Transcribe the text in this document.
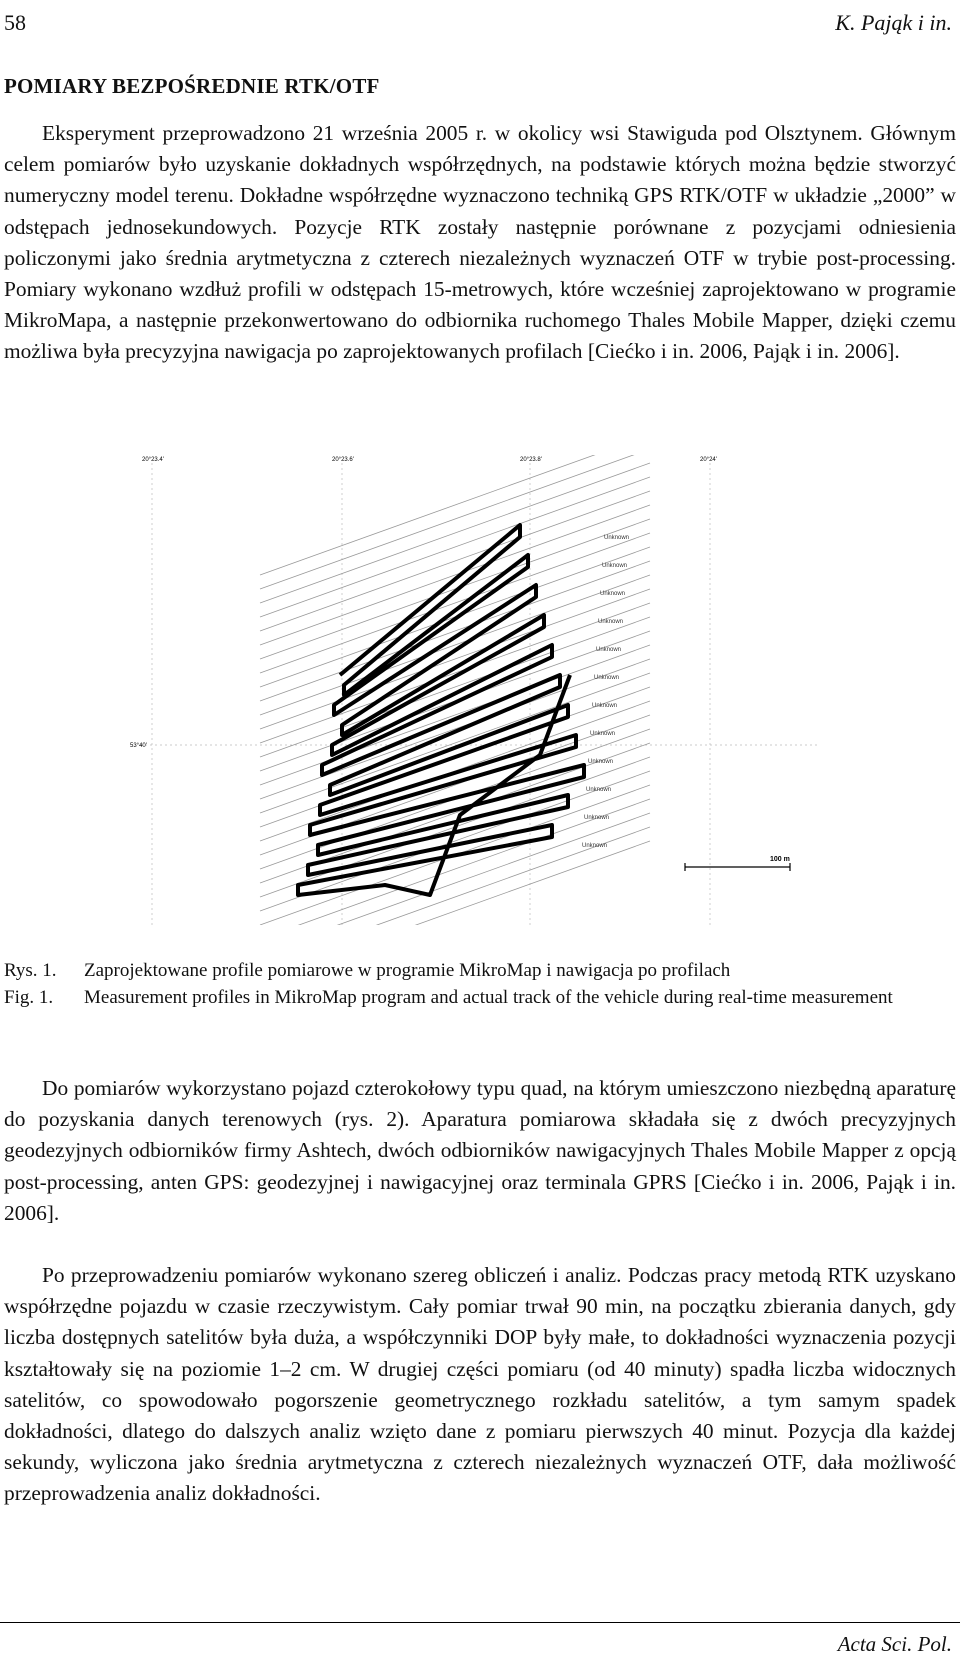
58	K. Pająk i in.
POMIARY BEZPOŚREDNIE RTK/OTF

Eksperyment przeprowadzono 21 września 2005 r. w okolicy wsi Stawiguda pod Olsztynem. Głównym celem pomiarów było uzyskanie dokładnych współrzędnych, na podstawie których można będzie stworzyć numeryczny model terenu. Dokładne współrzędne wyznaczono techniką GPS RTK/OTF w układzie „2000” w odstępach jednosekundowych. Pozycje RTK zostały następnie porównane z pozycjami odniesienia policzonymi jako średnia arytmetyczna z czterech niezależnych wyznaczeń OTF w trybie post-processing. Pomiary wykonano wzdłuż profili w odstępach 15-metrowych, które wcześniej zaprojektowano w programie MikroMapa, a następnie przekonwertowano do odbiornika ruchomego Thales Mobile Mapper, dzięki czemu możliwa była precyzyjna nawigacja po zaprojektowanych profilach [Ciećko i in. 2006, Pająk i in. 2006].

20°23.4'	20°23.6'	20°23.8'	20°24'
53°40'
Unknown
Unknown
Unknown
Unknown
Unknown
Unknown
Unknown
Unknown
Unknown
Unknown
Unknown
Unknown
100 m
Rys. 1.	Zaprojektowane profile pomiarowe w programie MikroMap i nawigacja po profilach
Fig. 1.	Measurement profiles in MikroMap program and actual track of the vehicle during real-time measurement

Do pomiarów wykorzystano pojazd czterokołowy typu quad, na którym umieszczono niezbędną aparaturę do pozyskania danych terenowych (rys. 2). Aparatura pomiarowa składała się z dwóch precyzyjnych geodezyjnych odbiorników firmy Ashtech, dwóch odbiorników nawigacyjnych Thales Mobile Mapper z opcją post-processing, anten GPS: geodezyjnej i nawigacyjnej oraz terminala GPRS [Ciećko i in. 2006, Pająk i in. 2006].

Po przeprowadzeniu pomiarów wykonano szereg obliczeń i analiz. Podczas pracy metodą RTK uzyskano współrzędne pojazdu w czasie rzeczywistym. Cały pomiar trwał 90 min, na początku zbierania danych, gdy liczba dostępnych satelitów była duża, a współczynniki DOP były małe, to dokładności wyznaczenia pozycji kształtowały się na poziomie 1–2 cm. W drugiej części pomiaru (od 40 minuty) spadła liczba widocznych satelitów, co spowodowało pogorszenie geometrycznego rozkładu satelitów, a tym samym spadek dokładności, dlatego do dalszych analiz wzięto dane z pomiaru pierwszych 40 minut. Pozycja dla każdej sekundy, wyliczona jako średnia arytmetyczna z czterech niezależnych wyznaczeń OTF, dała możliwość przeprowadzenia analiz dokładności.

Acta Sci. Pol.
